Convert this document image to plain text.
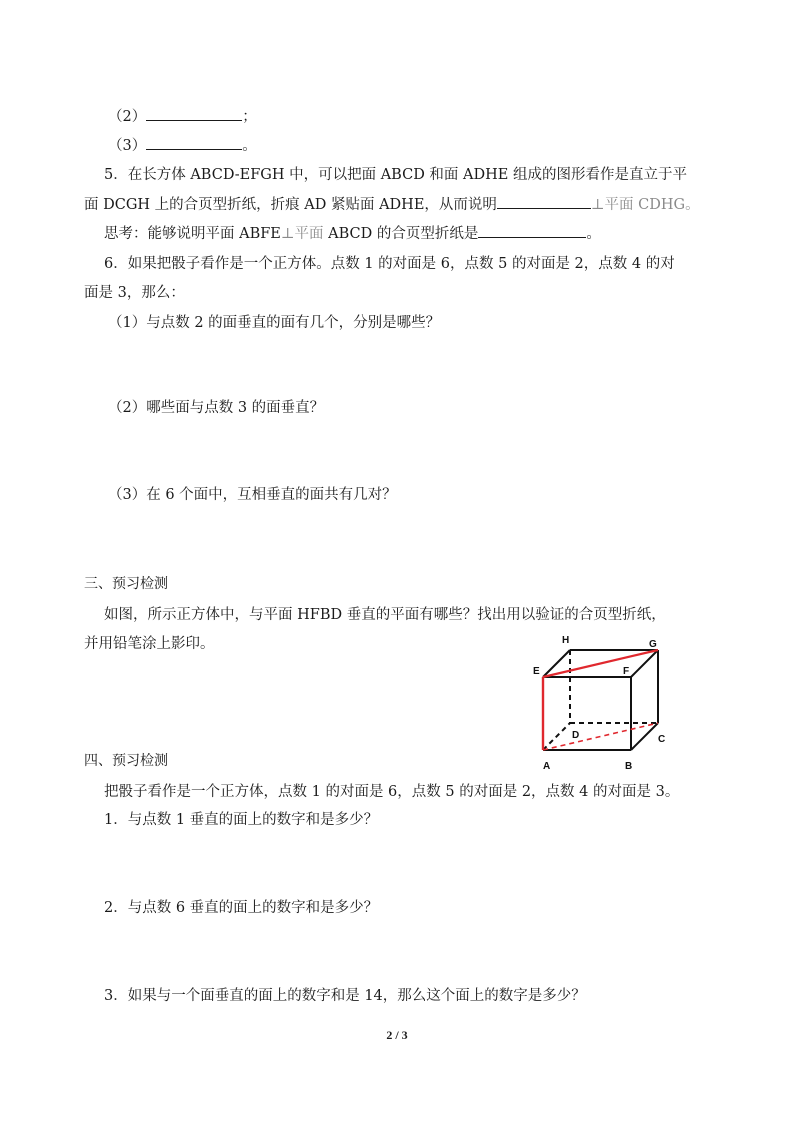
（2）	；
（3）	。
5．在长方体 ABCD-EFGH 中，可以把面 ABCD 和面 ADHE 组成的图形看作是直立于平
面 DCGH 上的合页型折纸，折痕 AD 紧贴面 ADHE，从而说明	⊥平面 CDHG。
思考：能够说明平面 ABFE⊥平面 ABCD 的合页型折纸是	。
6．如果把骰子看作是一个正方体。点数 1 的对面是 6，点数 5 的对面是 2，点数 4 的对
面是 3，那么：
（1）与点数 2 的面垂直的面有几个，分别是哪些？
（2）哪些面与点数 3 的面垂直？
（3）在 6 个面中，互相垂直的面共有几对？
三、预习检测
如图，所示正方体中，与平面 HFBD 垂直的平面有哪些？找出用以验证的合页型折纸，
并用铅笔涂上影印。	H	G
E	F
D	C
A	B
四、预习检测
把骰子看作是一个正方体，点数 1 的对面是 6，点数 5 的对面是 2，点数 4 的对面是 3。
1．与点数 1 垂直的面上的数字和是多少？
2．与点数 6 垂直的面上的数字和是多少？
3．如果与一个面垂直的面上的数字和是 14，那么这个面上的数字是多少？
2 / 3
